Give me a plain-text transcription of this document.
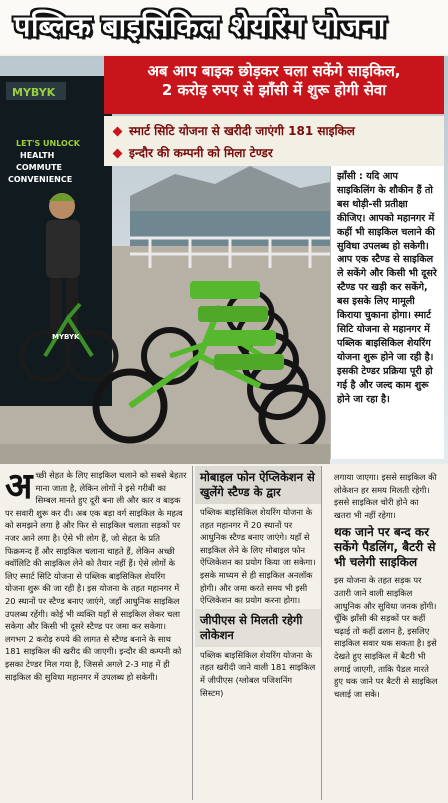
पब्लिक बाइसिकिल शेयरिंग योजना
MYBYK
LET'S UNLOCK
HEALTH
COMMUTE
CONVENIENCE
MYBYK
अब आप बाइक छोड़कर चला सकेंगे साइकिल,
2 करोड़ रुपए से झाँसी में शुरू होगी सेवा
स्मार्ट सिटि योजना से खरीदी जाएंगी 181 साइकिल
इन्दौर की कम्पनी को मिला टेण्डर
झाँसी : यदि आप साइकिलिंग के शौकीन हैं तो बस थोड़ी-सी प्रतीक्षा कीजिए। आपको महानगर में कहीं भी साइकिल चलाने की सुविधा उपलब्ध हो सकेगी। आप एक स्टैण्ड से साइकिल ले सकेंगे और किसी भी दूसरे स्टैण्ड पर खड़ी कर सकेंगे, बस इसके लिए मामूली किराया चुकाना होगा। स्मार्ट सिटि योजना से महानगर में पब्लिक बाइसिकिल शेयरिंग योजना शुरू होने जा रही है। इसकी टेण्डर प्रक्रिया पूरी हो गई है और जल्द काम शुरू होने जा रहा है।
अ च्छी सेहत के लिए साइकिल चलाने को सबसे बेहतर माना जाता है, लेकिन लोगों ने इसे गरीबी का सिम्बल मानते हुए दूरी बना ली और कार व बाइक पर सवारी शुरू कर दी। अब एक बड़ा वर्ग साइकिल के महत्व को समझने लगा है और फिर से साइकिल चलाता सड़कों पर नजर आने लगा है। ऐसे भी लोग हैं, जो सेहत के प्रति फिक्रमन्द हैं और साइकिल चलाना चाहते हैं, लेकिन अच्छी क्वॉलिटि की साइकिल लेने को तैयार नहीं हैं। ऐसे लोगों के लिए स्मार्ट सिटि योजना से पब्लिक बाइसिकिल शेयरिंग योजना शुरू की जा रही है। इस योजना के तहत महानगर में 20 स्थानों पर स्टैण्ड बनाए जाएंगे, जहाँ आधुनिक साइकिल उपलब्ध रहेंगी। कोई भी व्यक्ति यहाँ से साइकिल लेकर चला सकेगा और किसी भी दूसरे स्टैण्ड पर जमा कर सकेगा। लगभग 2 करोड़ रुपये की लागत से स्टैण्ड बनाने के साथ 181 साइकिल की खरीद की जाएगी। इन्दौर की कम्पनी को इसका टेण्डर मिल गया है, जिससे अगले 2-3 माह में ही साइकिल की सुविधा महानगर में उपलब्ध हो सकेगी।
मोबाइल फोन ऐप्लिकेशन से खुलेंगे स्टैण्ड के द्वार
पब्लिक बाइसिकिल शेयरिंग योजना के तहत महानगर में 20 स्थानों पर आधुनिक स्टैण्ड बनाए जाएंगे। यहाँ से साइकिल लेने के लिए मोबाइल फोन ऐप्लिकेशन का प्रयोग किया जा सकेगा। इसके माध्यम से ही साइकिल अनलॉक होगी। और जमा करते समय भी इसी ऐप्लिकेशन का प्रयोग करना होगा।
जीपीएस से मिलती रहेगी लोकेशन
पब्लिक बाइसिकिल शेयरिंग योजना के तहत खरीदी जाने वाली 181 साइकिल में जीपीएस (ग्लोबल पजिशनिंग सिस्टम)
लगाया जाएगा। इससे साइकिल की लोकेशन हर समय मिलती रहेगी। इससे साइकिल चोरी होने का खतरा भी नहीं रहेगा।
थक जाने पर बन्द कर सकेंगे पैडलिंग, बैटरी से भी चलेगी साइकिल
इस योजना के तहत सड़क पर उतारी जाने वाली साइकिल आधुनिक और सुविधा जनक होंगी। चूँकि झाँसी की सड़कों पर कहीं चढ़ाई तो कहीं ढलान है, इसलिए साइकिल सवार थक सकता है। इसे देखते हुए साइकिल में बैटरी भी लगाई जाएगी, ताकि पैडल मारते हुए थक जाने पर बैटरी से साइकिल चलाई जा सके।
